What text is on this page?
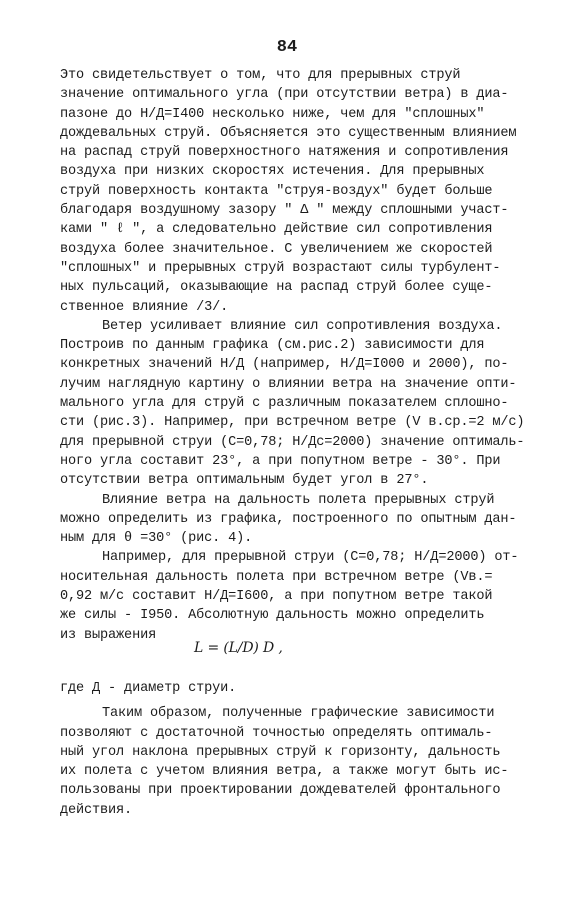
84
Это свидетельствует о том, что для прерывных струй
значение оптимального угла (при отсутствии ветра) в диа-
пазоне до Н/Д=I400 несколько ниже, чем для "сплошных"
дождевальных струй. Объясняется это существенным влиянием
на распад струй поверхностного натяжения и сопротивления
воздуха при низких скоростях истечения. Для прерывных
струй поверхность контакта "струя-воздух" будет больше
благодаря воздушному зазору " Δ " между сплошными участ-
ками " ℓ ", а следовательно действие сил сопротивления
воздуха более значительное. С увеличением же скоростей
"сплошных" и прерывных струй возрастают силы турбулент-
ных пульсаций, оказывающие на распад струй более суще-
ственное влияние /3/.
Ветер усиливает влияние сил сопротивления воздуха.
Построив по данным графика (см.рис.2) зависимости для
конкретных значений Н/Д (например, Н/Д=I000 и 2000), по-
лучим наглядную картину о влиянии ветра на значение опти-
мального угла для струй с различным показателем сплошно-
сти (рис.3). Например, при встречном ветре (V в.ср.=2 м/с)
для прерывной струи (С=0,78; Н/Дс=2000) значение оптималь-
ного угла составит 23°, а при попутном ветре - 30°. При
отсутствии ветра оптимальным будет угол в 27°.
Влияние ветра на дальность полета прерывных струй
можно определить из графика, построенного по опытным дан-
ным для θ =30° (рис. 4).
Например, для прерывной струи (С=0,78; Н/Д=2000) от-
носительная дальность полета при встречном ветре (Vв.=
0,92 м/с составит Н/Д=I600, а при попутном ветре такой
же силы - I950. Абсолютную дальность можно определить
из выражения
L = (L/D) D ,
где Д - диаметр струи.
Таким образом, полученные графические зависимости
позволяют с достаточной точностью определять оптималь-
ный угол наклона прерывных струй к горизонту, дальность
их полета с учетом влияния ветра, а также могут быть ис-
пользованы при проектировании дождевателей фронтального
действия.
